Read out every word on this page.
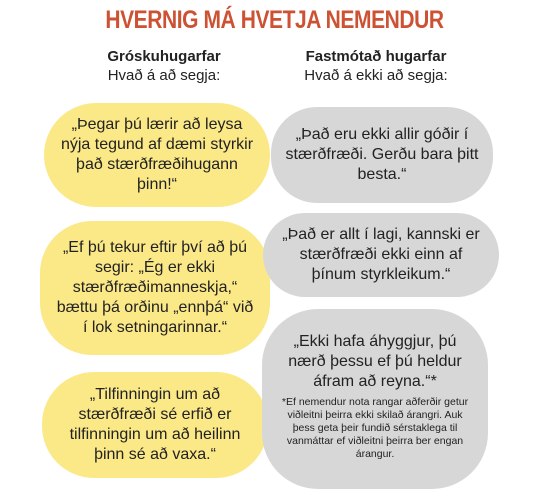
HVERNIG MÁ HVETJA NEMENDUR
Gróskuhugarfar
Hvað á að segja:
Fastmótað hugarfar
Hvað á ekki að segja:
„Þegar þú lærir að leysa nýja tegund af dæmi styrkir það stærðfræðihugann þinn!“
„Ef þú tekur eftir því að þú segir: „Ég er ekki stærðfræðimanneskja,“ bættu þá orðinu „ennþá“ við í lok setningarinnar.“
„Tilfinningin um að stærðfræði sé erfið er tilfinningin um að heilinn þinn sé að vaxa.“
„Það eru ekki allir góðir í stærðfræði. Gerðu bara þitt besta.“
„Það er allt í lagi, kannski er stærðfræði ekki einn af þínum styrkleikum.“
„Ekki hafa áhyggjur, þú nærð þessu ef þú heldur áfram að reyna.“*
*Ef nemendur nota rangar aðferðir getur viðleitni þeirra ekki skilað árangri. Auk þess geta þeir fundið sérstaklega til vanmáttar ef viðleitni þeirra ber engan árangur.
